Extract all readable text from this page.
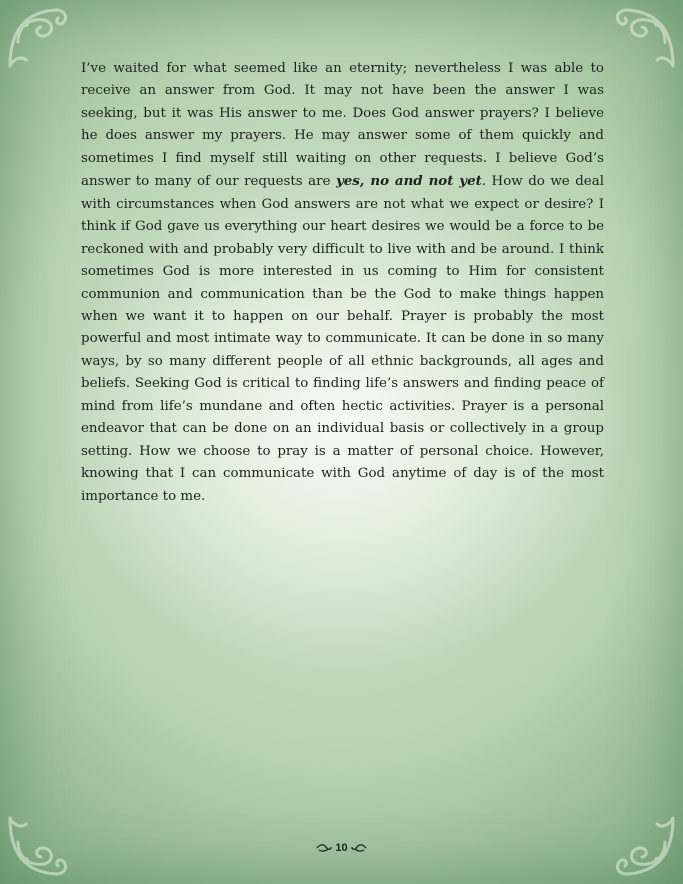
I’ve waited for what seemed like an eternity; nevertheless I was able to receive an answer from God. It may not have been the answer I was seeking, but it was His answer to me. Does God answer prayers? I believe he does answer my prayers. He may answer some of them quickly and sometimes I find myself still waiting on other requests. I believe God’s answer to many of our requests are yes, no and not yet. How do we deal with circumstances when God answers are not what we expect or desire? I think if God gave us everything our heart desires we would be a force to be reckoned with and probably very difficult to live with and be around. I think sometimes God is more interested in us coming to Him for consistent communion and communication than be the God to make things happen when we want it to happen on our behalf. Prayer is probably the most powerful and most intimate way to communicate. It can be done in so many ways, by so many different people of all ethnic backgrounds, all ages and beliefs. Seeking God is critical to finding life’s answers and finding peace of mind from life’s mundane and often hectic activities. Prayer is a personal endeavor that can be done on an individual basis or collectively in a group setting. How we choose to pray is a matter of personal choice. However, knowing that I can communicate with God anytime of day is of the most importance to me.

10
